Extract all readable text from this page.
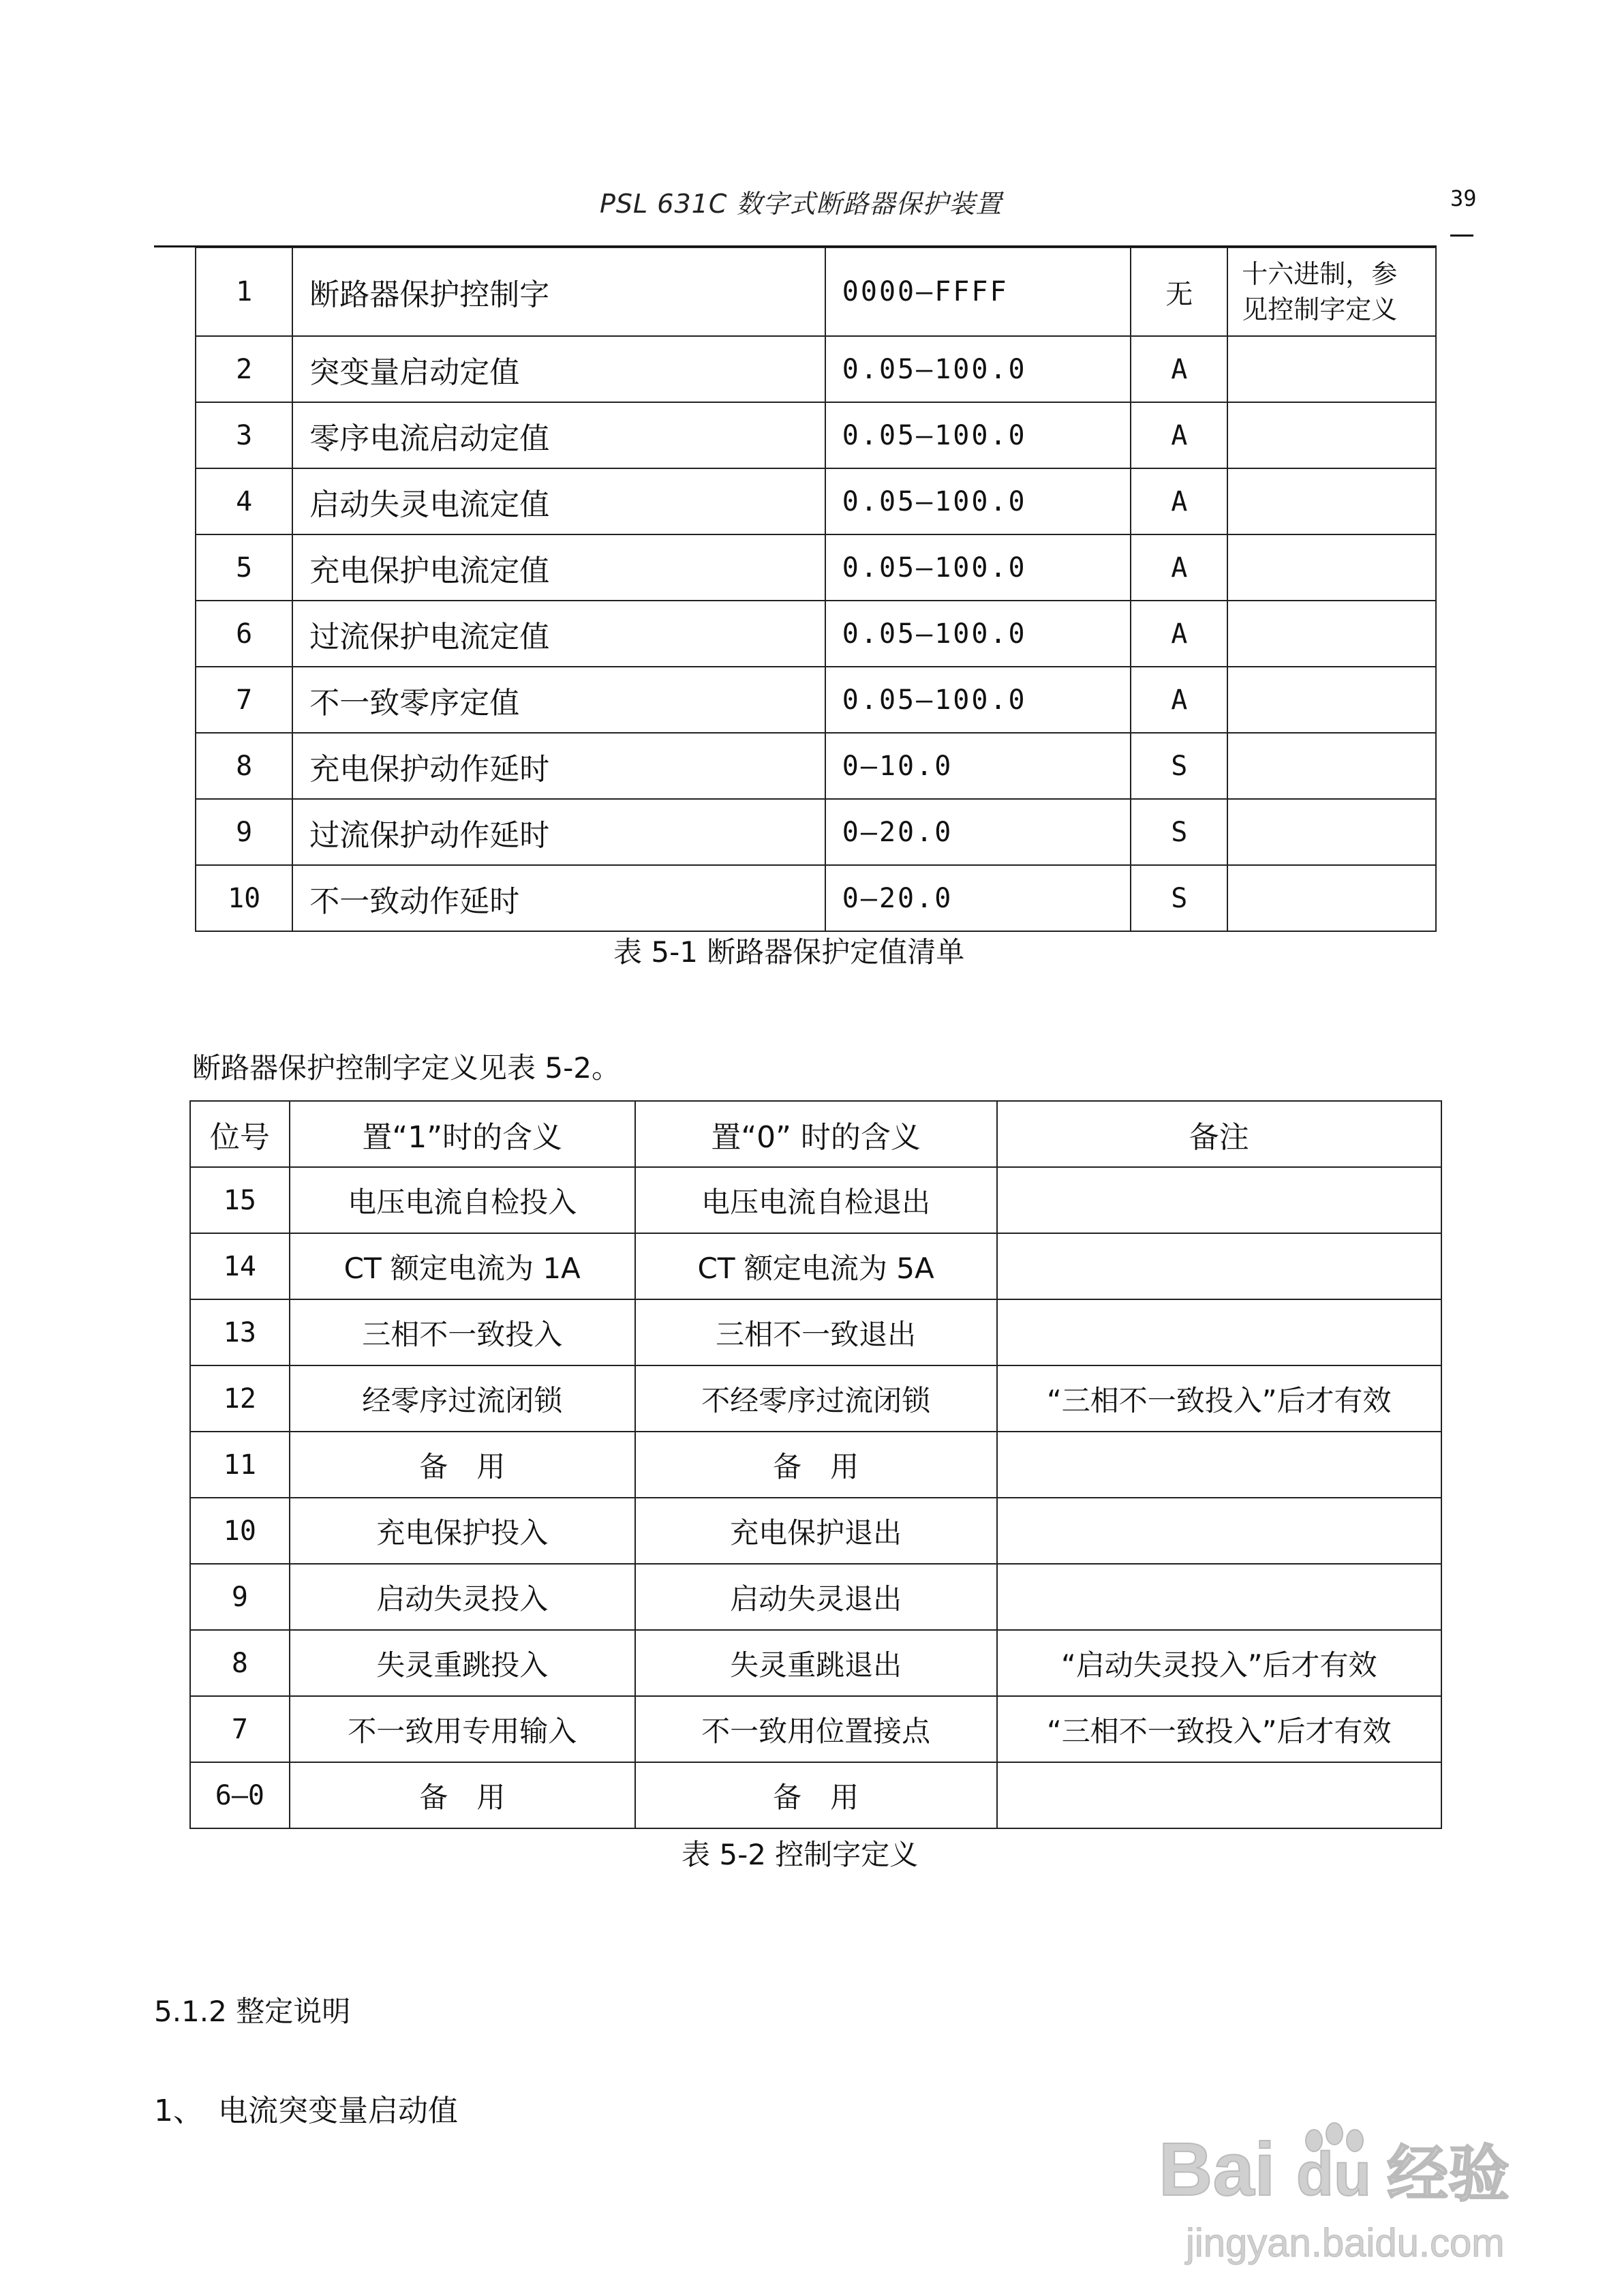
PSL 631C 数字式断路器保护装置	39
1	断路器保护控制字	0000—FFFF	无	十六进制，参
见控制字定义
2	突变量启动定值	0.05—100.0	A	
3	零序电流启动定值	0.05—100.0	A	
4	启动失灵电流定值	0.05—100.0	A	
5	充电保护电流定值	0.05—100.0	A	
6	过流保护电流定值	0.05—100.0	A	
7	不一致零序定值	0.05—100.0	A	
8	充电保护动作延时	0—10.0	S	
9	过流保护动作延时	0—20.0	S	
10	不一致动作延时	0—20.0	S	
表 5-1 断路器保护定值清单
断路器保护控制字定义见表 5-2。
位号	置“1”时的含义	置“0” 时的含义	备注
15	电压电流自检投入	电压电流自检退出	
14	CT 额定电流为 1A	CT 额定电流为 5A	
13	三相不一致投入	三相不一致退出	
12	经零序过流闭锁	不经零序过流闭锁	“三相不一致投入”后才有效
11	备　用	备　用	
10	充电保护投入	充电保护退出	
9	启动失灵投入	启动失灵退出	
8	失灵重跳投入	失灵重跳退出	“启动失灵投入”后才有效
7	不一致用专用输入	不一致用位置接点	“三相不一致投入”后才有效
6—0	备　用	备　用	
表 5-2 控制字定义
5.1.2 整定说明
1、　电流突变量启动值
Bai du 经验
jingyan.baidu.com
